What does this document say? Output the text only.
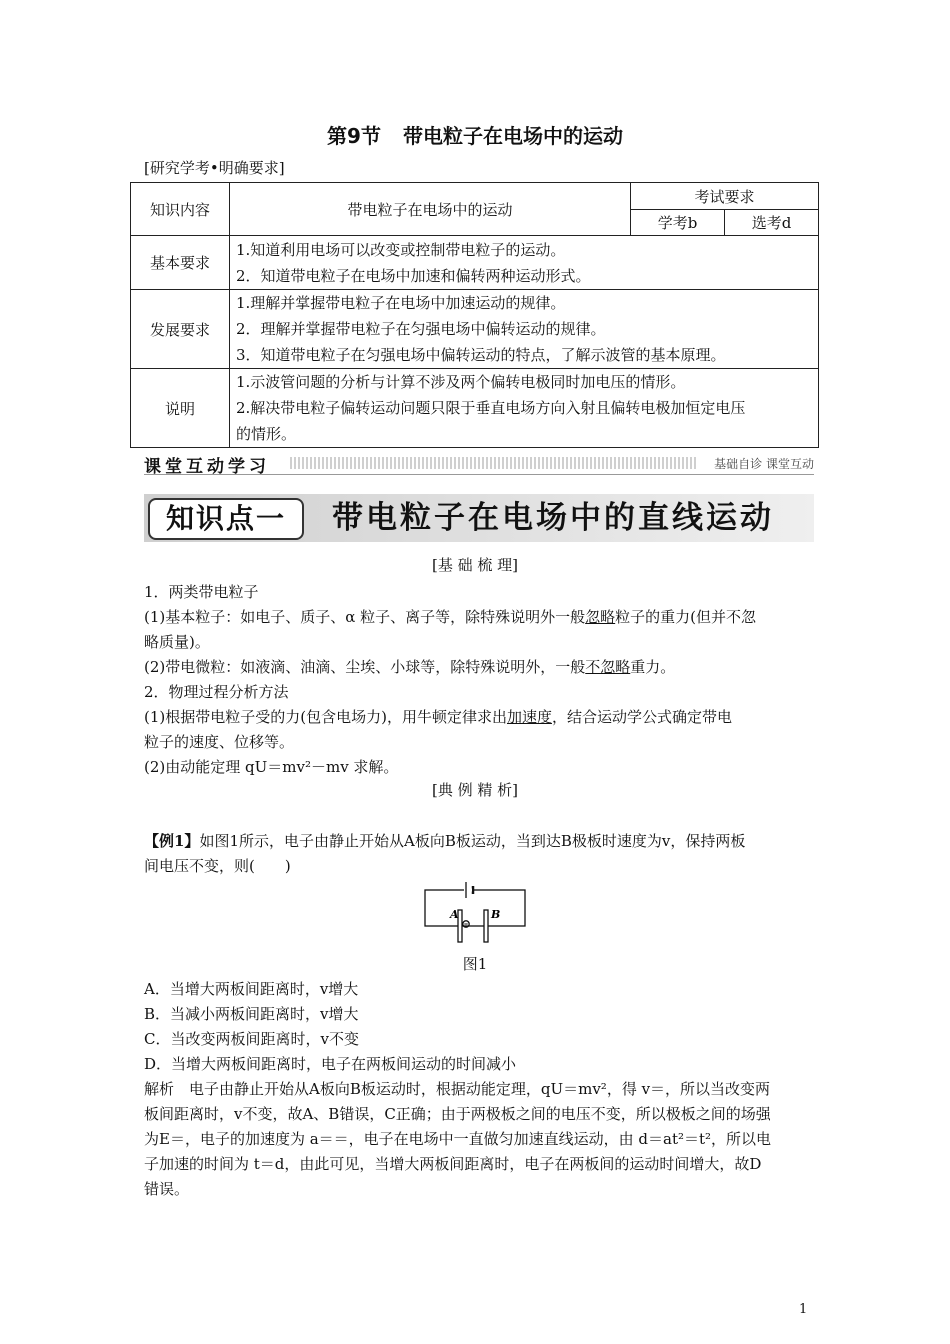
第9节 带电粒子在电场中的运动
[研究学考•明确要求]
知识内容	带电粒子在电场中的运动	考试要求	
		学考b	选考d
基本要求	1.知道利用电场可以改变或控制带电粒子的运动。
2．知道带电粒子在电场中加速和偏转两种运动形式。		

发展要求	1.理解并掌握带电粒子在电场中加速运动的规律。
2．理解并掌握带电粒子在匀强电场中偏转运动的规律。
3．知道带电粒子在匀强电场中偏转运动的特点，了解示波管的基本原理。		

说明	1.示波管问题的分析与计算不涉及两个偏转电极同时加电压的情形。
2.解决带电粒子偏转运动问题只限于垂直电场方向入射且偏转电极加恒定电压
的情形。		
课堂互动学习	基础自诊 课堂互动
知识点一	带电粒子在电场中的直线运动
[基 础 梳 理]
1．两类带电粒子
(1)基本粒子：如电子、质子、α 粒子、离子等，除特殊说明外一般忽略粒子的重力(但并不忽
略质量)。
(2)带电微粒：如液滴、油滴、尘埃、小球等，除特殊说明外，一般不忽略重力。
2．物理过程分析方法
(1)根据带电粒子受的力(包含电场力)，用牛顿定律求出加速度，结合运动学公式确定带电
粒子的速度、位移等。
(2)由动能定理 qU＝mv²－mv 求解。
[典 例 精 析]
【例1】如图1所示，电子由静止开始从A板向B板运动，当到达B极板时速度为v，保持两板
间电压不变，则(　　)
A	B
图1
A．当增大两板间距离时，v增大
B．当减小两板间距离时，v增大
C．当改变两板间距离时，v不变
D．当增大两板间距离时，电子在两板间运动的时间减小
解析　电子由静止开始从A板向B板运动时，根据动能定理，qU＝mv²，得 v＝，所以当改变两
板间距离时，v不变，故A、B错误，C正确；由于两极板之间的电压不变，所以极板之间的场强
为E＝，电子的加速度为 a＝＝，电子在电场中一直做匀加速直线运动，由 d＝at²＝t²，所以电
子加速的时间为 t＝d，由此可见，当增大两板间距离时，电子在两板间的运动时间增大，故D
错误。
1
